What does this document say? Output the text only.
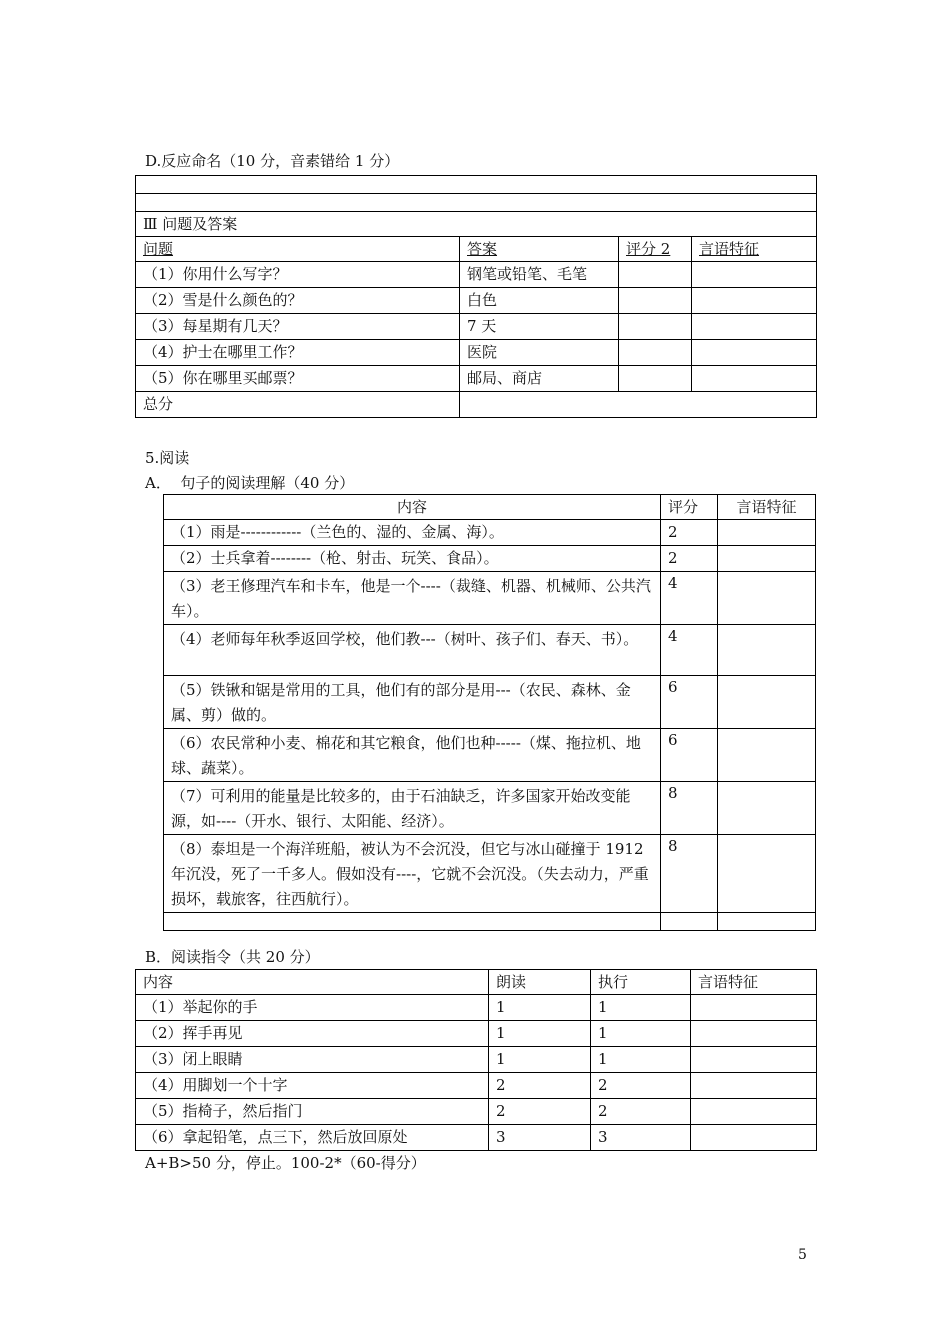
D.反应命名（10 分，音素错给 1 分）

Ⅲ 问题及答案			
问题	答案	评分 2	言语特征
（1）你用什么写字？	钢笔或铅笔、毛笔		
（2）雪是什么颜色的？	白色		
（3）每星期有几天？	7 天		
（4）护士在哪里工作？	医院		
（5）你在哪里买邮票？	邮局、商店		
总分			
5.阅读
A．  句子的阅读理解（40 分）
内容	评分	言语特征
（1）雨是------------（兰色的、湿的、金属、海）。	2	
（2）士兵拿着--------（枪、射击、玩笑、食品）。	2	
（3）老王修理汽车和卡车，他是一个----（裁缝、机器、机械师、公共汽车）。	4	
（4）老师每年秋季返回学校，他们教---（树叶、孩子们、春天、书）。	4	
（5）铁锹和锯是常用的工具，他们有的部分是用---（农民、森林、金属、剪）做的。	6	
（6）农民常种小麦、棉花和其它粮食，他们也种-----（煤、拖拉机、地球、蔬菜）。	6	
（7）可利用的能量是比较多的，由于石油缺乏，许多国家开始改变能源，如----（开水、银行、太阳能、经济）。	8	
（8）泰坦是一个海洋班船，被认为不会沉没，但它与冰山碰撞于 1912 年沉没，死了一千多人。假如没有----，它就不会沉没。（失去动力，严重损坏，载旅客，往西航行）。	8	

B．阅读指令（共 20 分）
内容	朗读	执行	言语特征
（1）举起你的手	1	1	
（2）挥手再见	1	1	
（3）闭上眼睛	1	1	
（4）用脚划一个十字	2	2	
（5）指椅子，然后指门	2	2	
（6）拿起铅笔，点三下，然后放回原处	3	3	
A+B>50 分，停止。100-2*（60-得分）
5
